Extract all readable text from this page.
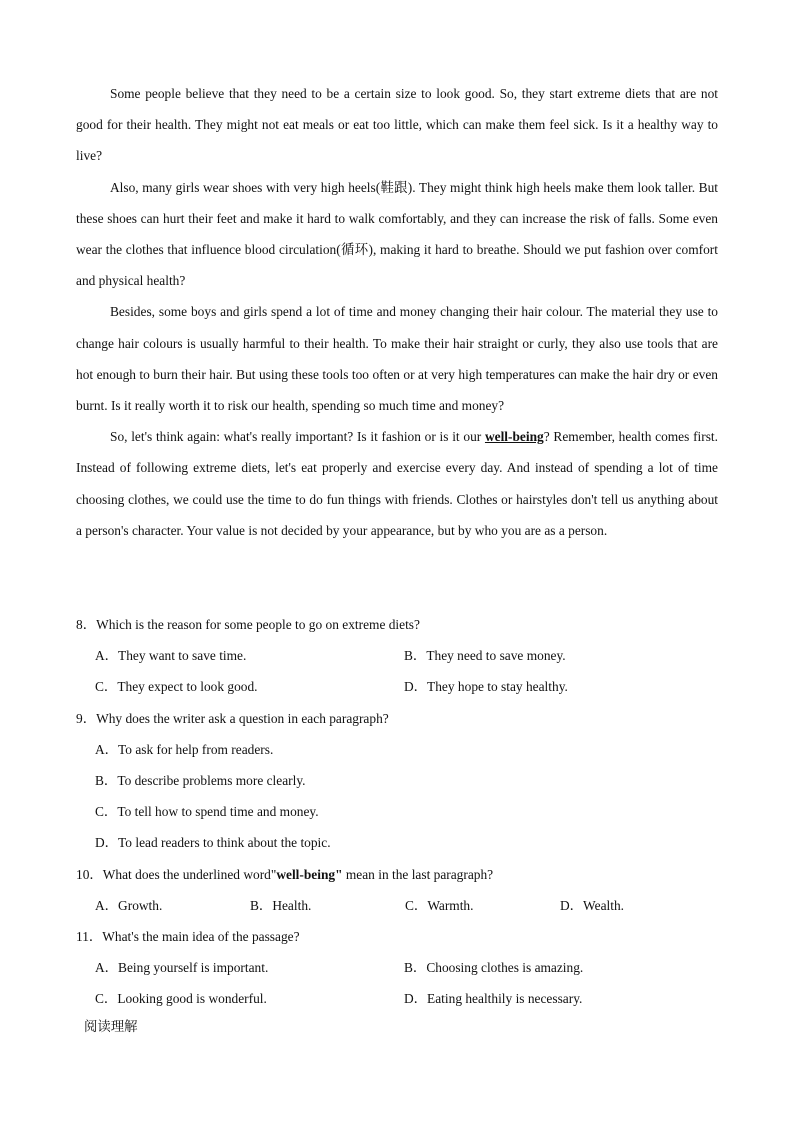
Some people believe that they need to be a certain size to look good. So, they start extreme diets that are not good for their health. They might not eat meals or eat too little, which can make them feel sick. Is it a healthy way to live?

Also, many girls wear shoes with very high heels(鞋跟). They might think high heels make them look taller. But these shoes can hurt their feet and make it hard to walk comfortably, and they can increase the risk of falls. Some even wear the clothes that influence blood circulation(循环), making it hard to breathe. Should we put fashion over comfort and physical health?

Besides, some boys and girls spend a lot of time and money changing their hair colour. The material they use to change hair colours is usually harmful to their health. To make their hair straight or curly, they also use tools that are hot enough to burn their hair. But using these tools too often or at very high temperatures can make the hair dry or even burnt. Is it really worth it to risk our health, spending so much time and money?

So, let's think again: what's really important? Is it fashion or is it our well-being? Remember, health comes first. Instead of following extreme diets, let's eat properly and exercise every day. And instead of spending a lot of time choosing clothes, we could use the time to do fun things with friends. Clothes or hairstyles don't tell us anything about a person's character. Your value is not decided by your appearance, but by who you are as a person.

8．Which is the reason for some people to go on extreme diets?
A．They want to save time.	B．They need to save money.
C．They expect to look good.	D．They hope to stay healthy.
9．Why does the writer ask a question in each paragraph?
A．To ask for help from readers.
B．To describe problems more clearly.
C．To tell how to spend time and money.
D．To lead readers to think about the topic.
10．What does the underlined word"well-being" mean in the last paragraph?
A．Growth.	B．Health.	C．Warmth.	D．Wealth.
11．What's the main idea of the passage?
A．Being yourself is important.	B．Choosing clothes is amazing.
C．Looking good is wonderful.	D．Eating healthily is necessary.
阅读理解
